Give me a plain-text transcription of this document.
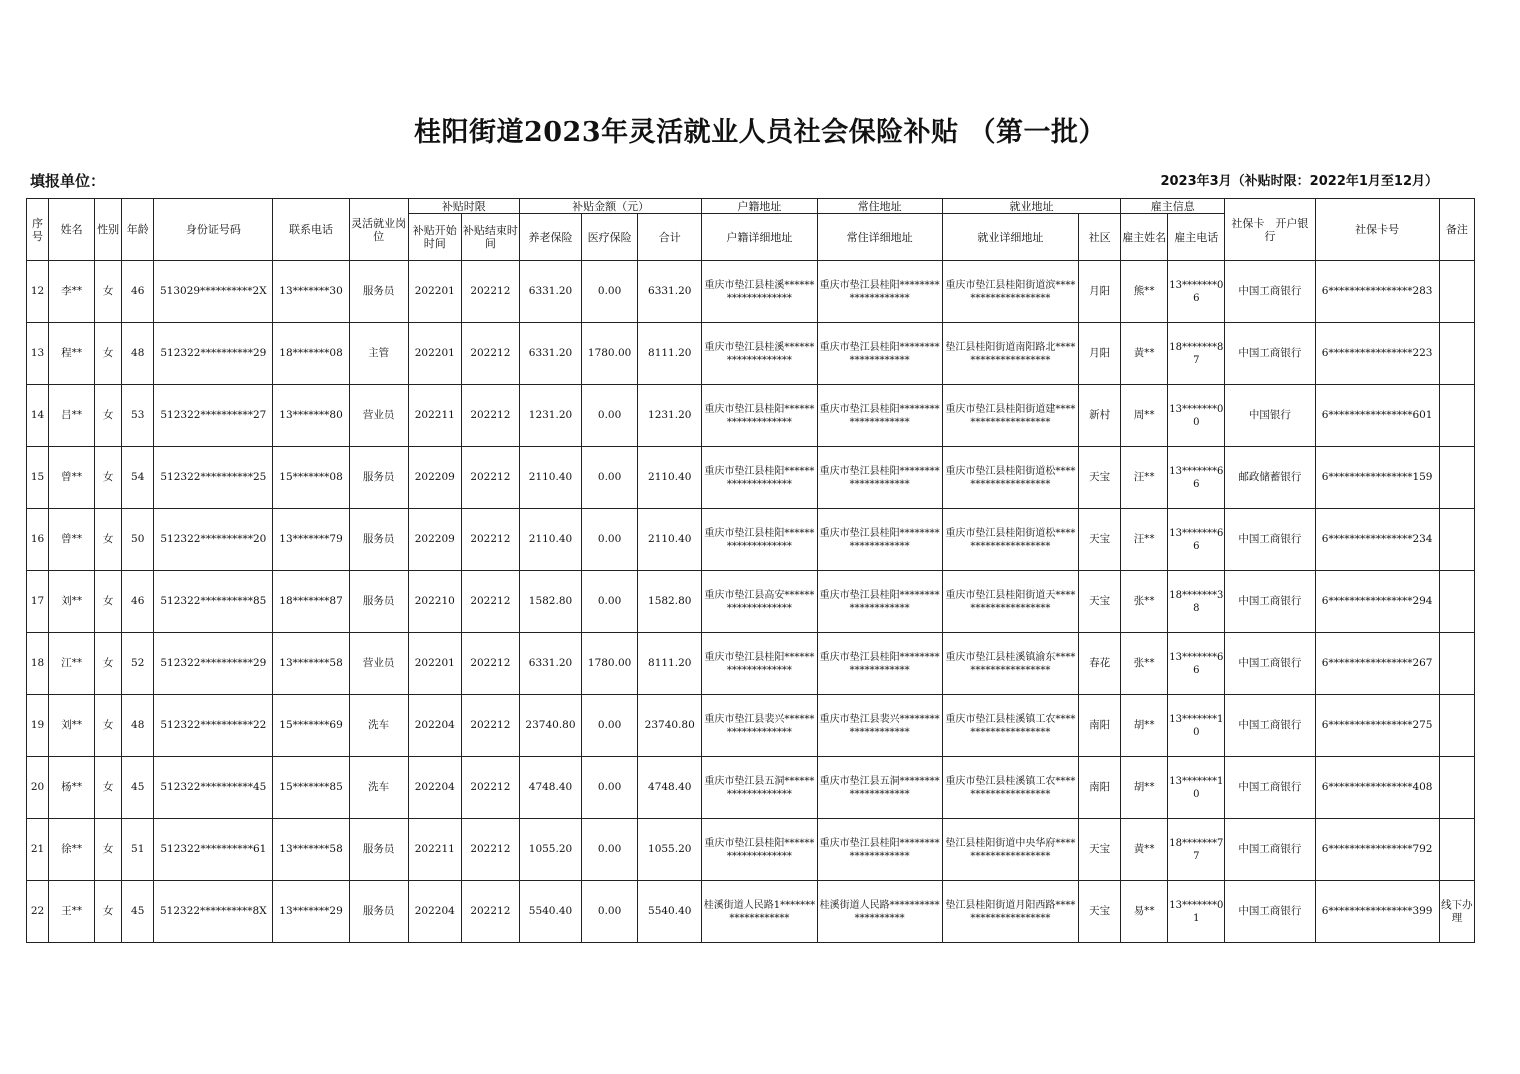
桂阳街道2023年灵活就业人员社会保险补贴 （第一批）
填报单位：	2023年3月（补贴时限：2022年1月至12月）
序号	姓名	性别	年龄	身份证号码	联系电话	灵活就业岗位	补贴时限		补贴金额（元）			户籍地址	常住地址	就业地址		雇主信息		社保卡　开户银行	社保卡号	备注
							补贴开始时间	补贴结束时间	养老保险	医疗保险	合计	户籍详细地址	常住详细地址	就业详细地址	社区	雇主姓名	雇主电话			
12	李**	女	46	513029**********2X	13*******30	服务员	202201	202212	6331.20	0.00	6331.20	重庆市垫江县桂溪*******************	重庆市垫江县桂阳********************	重庆市垫江县桂阳街道滨********************	月阳	熊**	13*******06	中国工商银行	6****************283	
13	程**	女	48	512322**********29	18*******08	主管	202201	202212	6331.20	1780.00	8111.20	重庆市垫江县桂溪*******************	重庆市垫江县桂阳********************	垫江县桂阳街道南阳路北********************	月阳	黄**	18*******87	中国工商银行	6****************223	
14	吕**	女	53	512322**********27	13*******80	营业员	202211	202212	1231.20	0.00	1231.20	重庆市垫江县桂阳*******************	重庆市垫江县桂阳********************	重庆市垫江县桂阳街道建********************	新村	周**	13*******00	中国银行	6****************601	
15	曾**	女	54	512322**********25	15*******08	服务员	202209	202212	2110.40	0.00	2110.40	重庆市垫江县桂阳*******************	重庆市垫江县桂阳********************	重庆市垫江县桂阳街道松********************	天宝	汪**	13*******66	邮政储蓄银行	6****************159	
16	曾**	女	50	512322**********20	13*******79	服务员	202209	202212	2110.40	0.00	2110.40	重庆市垫江县桂阳*******************	重庆市垫江县桂阳********************	重庆市垫江县桂阳街道松********************	天宝	汪**	13*******66	中国工商银行	6****************234	
17	刘**	女	46	512322**********85	18*******87	服务员	202210	202212	1582.80	0.00	1582.80	重庆市垫江县高安*******************	重庆市垫江县桂阳********************	重庆市垫江县桂阳街道天********************	天宝	张**	18*******38	中国工商银行	6****************294	
18	江**	女	52	512322**********29	13*******58	营业员	202201	202212	6331.20	1780.00	8111.20	重庆市垫江县桂阳*******************	重庆市垫江县桂阳********************	重庆市垫江县桂溪镇渝东********************	春花	张**	13*******66	中国工商银行	6****************267	
19	刘**	女	48	512322**********22	15*******69	洗车	202204	202212	23740.80	0.00	23740.80	重庆市垫江县裴兴*******************	重庆市垫江县裴兴********************	重庆市垫江县桂溪镇工农********************	南阳	胡**	13*******10	中国工商银行	6****************275	
20	杨**	女	45	512322**********45	15*******85	洗车	202204	202212	4748.40	0.00	4748.40	重庆市垫江县五洞*******************	重庆市垫江县五洞********************	重庆市垫江县桂溪镇工农********************	南阳	胡**	13*******10	中国工商银行	6****************408	
21	徐**	女	51	512322**********61	13*******58	服务员	202211	202212	1055.20	0.00	1055.20	重庆市垫江县桂阳*******************	重庆市垫江县桂阳********************	垫江县桂阳街道中央华府********************	天宝	黄**	18*******77	中国工商银行	6****************792	
22	王**	女	45	512322**********8X	13*******29	服务员	202204	202212	5540.40	0.00	5540.40	桂溪街道人民路1*******************	桂溪街道人民路********************	垫江县桂阳街道月阳西路********************	天宝	易**	13*******01	中国工商银行	6****************399	线下办理
